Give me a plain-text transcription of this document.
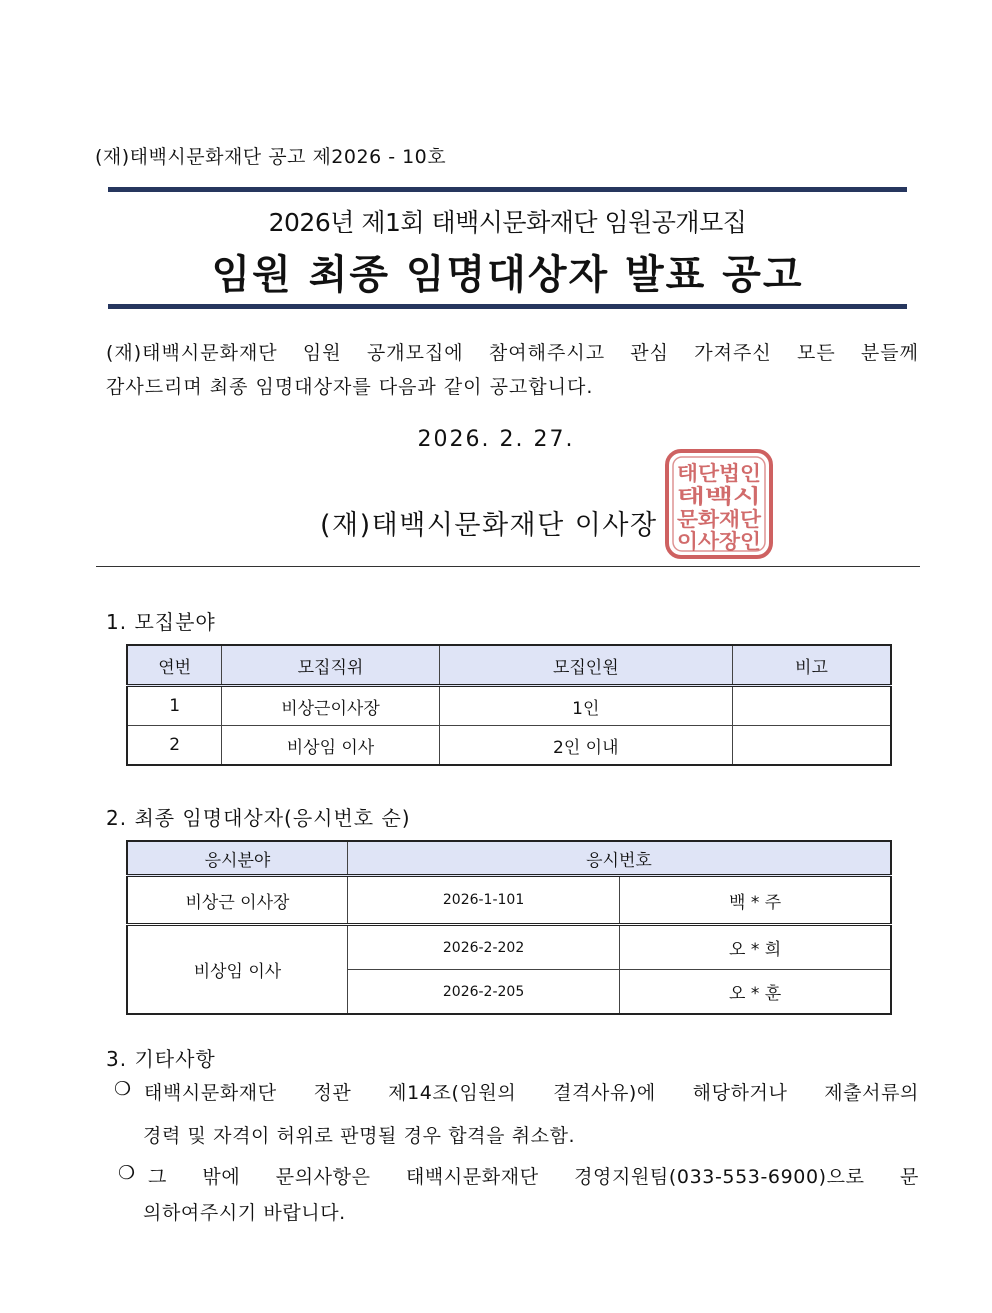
(재)태백시문화재단 공고 제2026 - 10호
2026년 제1회 태백시문화재단 임원공개모집
임원 최종 임명대상자 발표 공고
(재)태백시문화재단 임원 공개모집에 참여해주시고 관심 가져주신 모든 분들께
감사드리며 최종 임명대상자를 다음과 같이 공고합니다.
2026. 2. 27.
태단법인
태백시
문화재단
이사장인
(재)태백시문화재단 이사장
1. 모집분야
연번	모집직위	모집인원	비고
1	비상근이사장	1인	
2	비상임 이사	2인 이내	
2. 최종 임명대상자(응시번호 순)
응시분야	응시번호	
비상근 이사장	2026-1-101	백 * 주
비상임 이사	2026-2-202	오 * 희
	2026-2-205	오 * 훈
3. 기타사항
❍ 태백시문화재단 정관 제14조(임원의 결격사유)에 해당하거나 제출서류의
경력 및 자격이 허위로 판명될 경우 합격을 취소함.
❍ 그 밖에 문의사항은 태백시문화재단 경영지원팀(033-553-6900)으로 문
의하여주시기 바랍니다.
